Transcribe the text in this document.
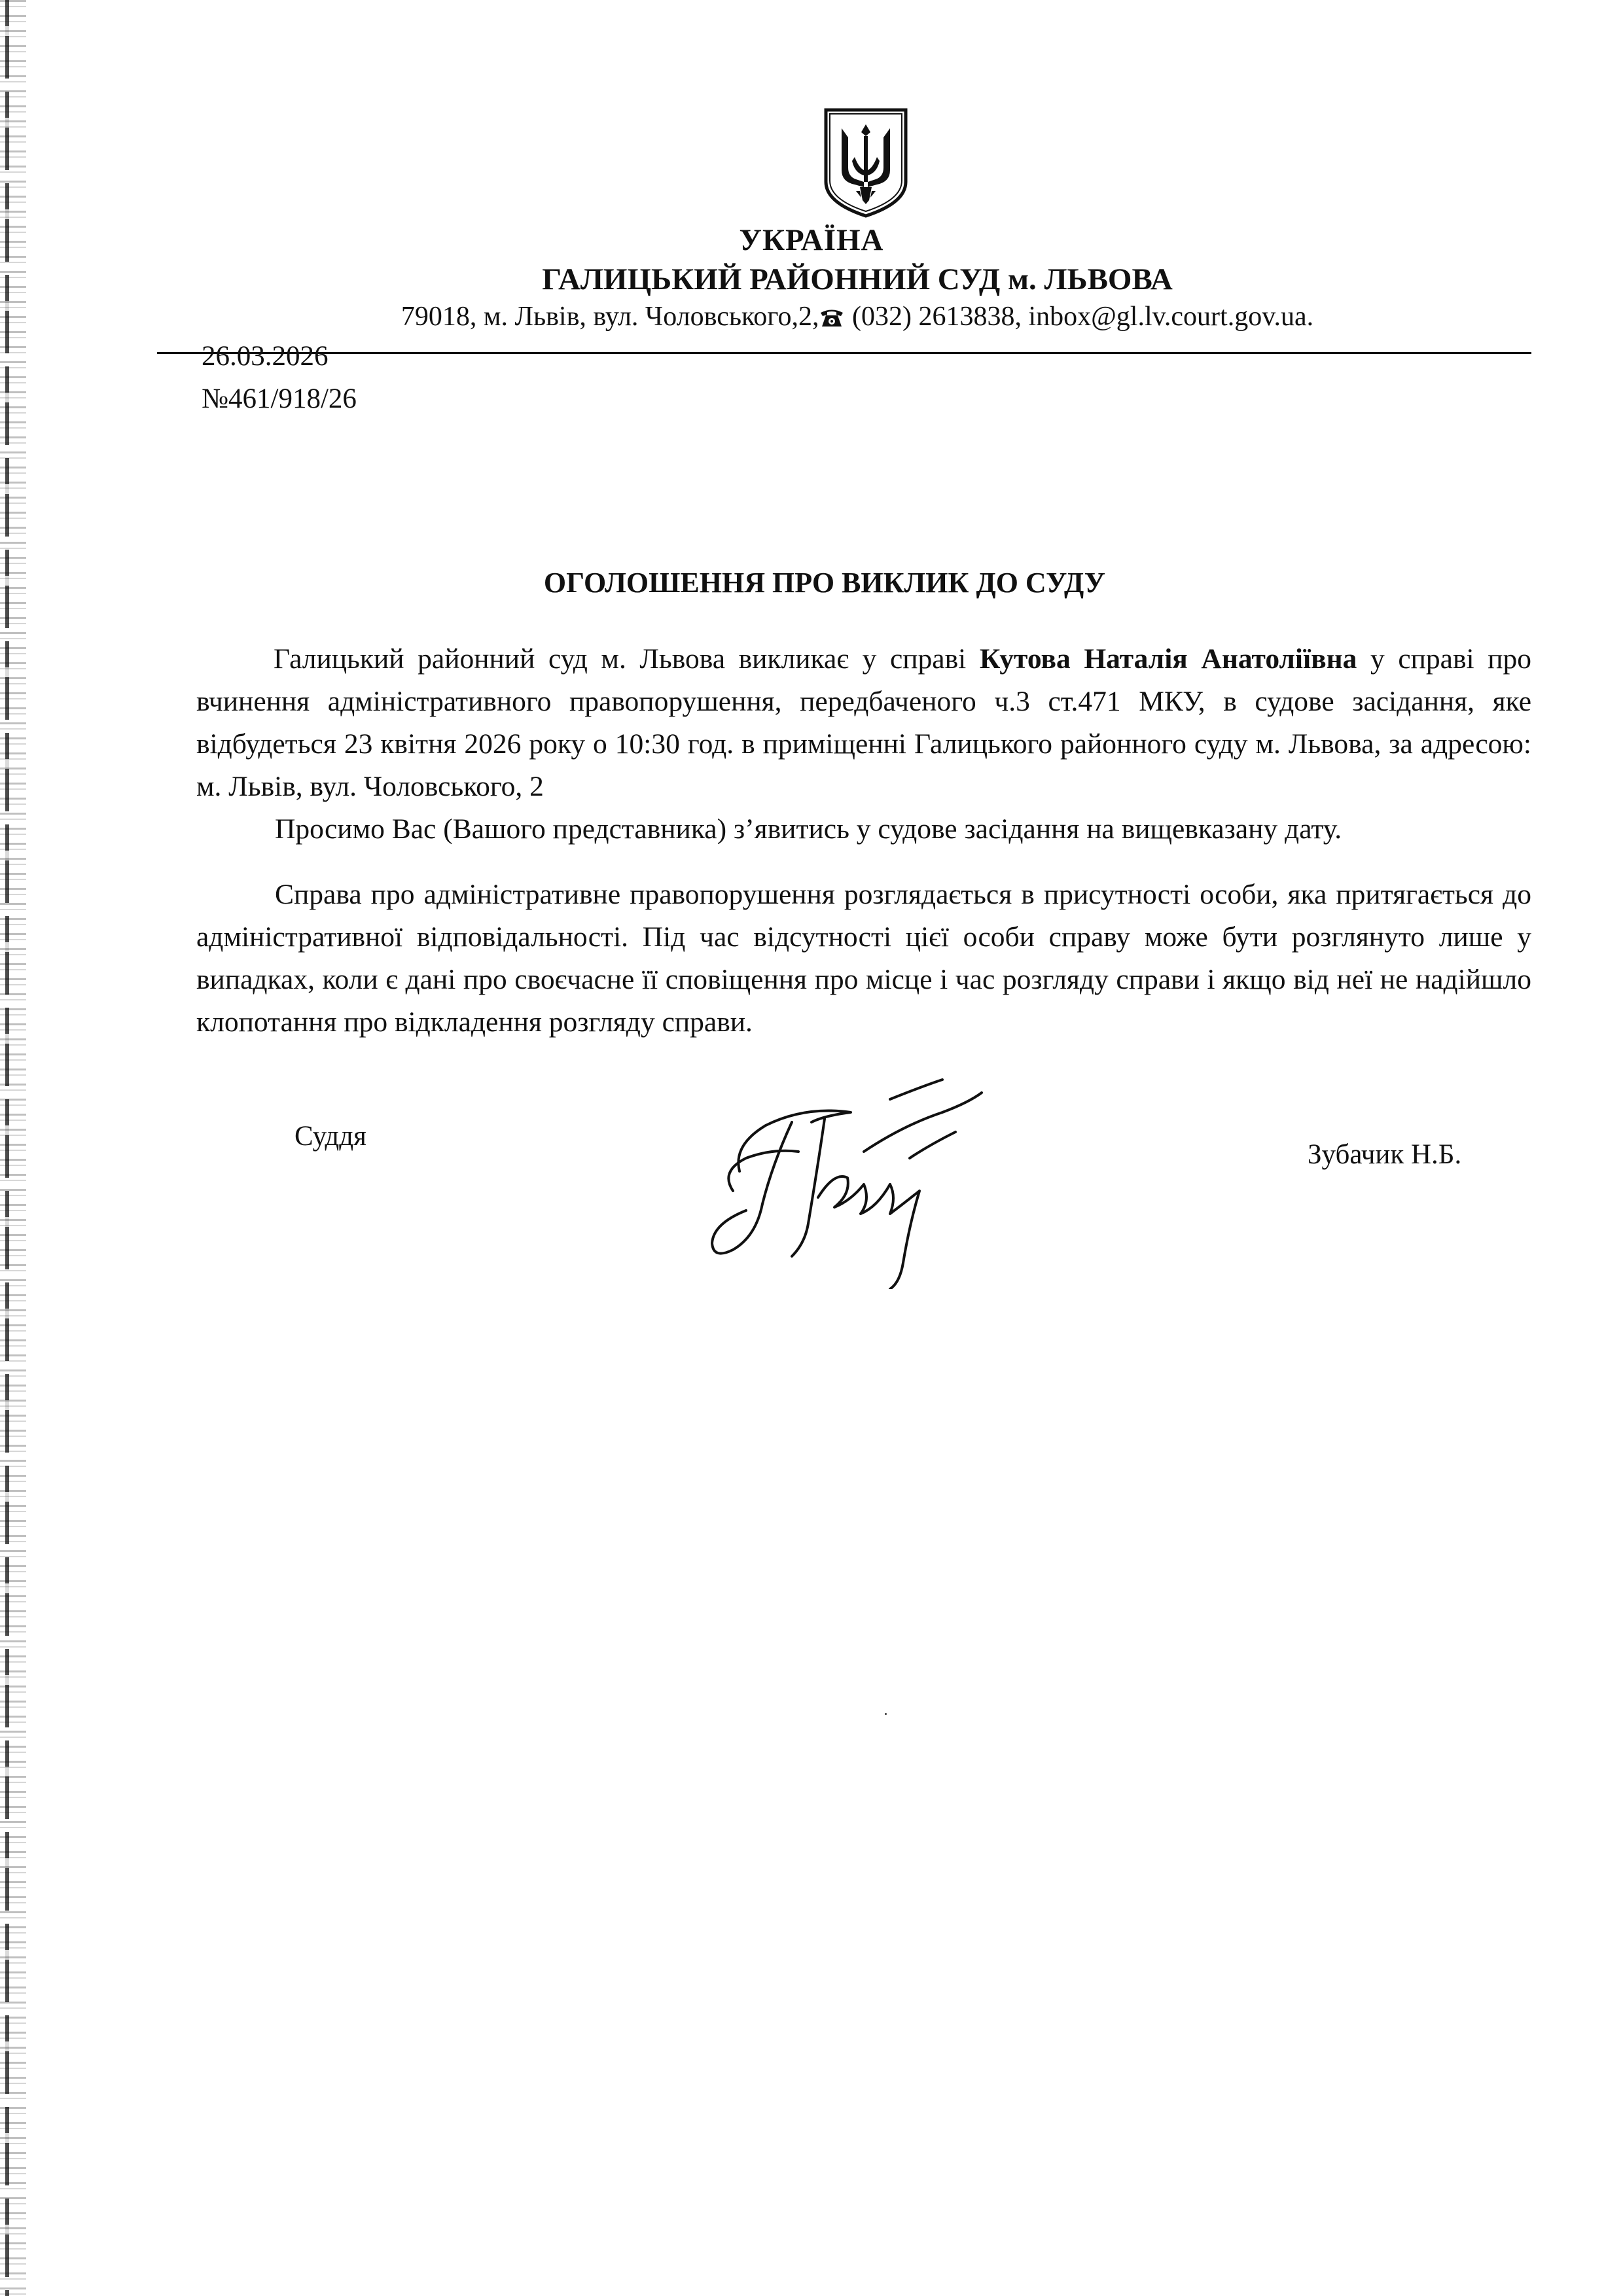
УКРАЇНА
ГАЛИЦЬКИЙ РАЙОННИЙ СУД м. ЛЬВОВА
79018, м. Львів, вул. Чоловського,2, (032) 2613838, inbox@gl.lv.court.gov.ua.
26.03.2026
№461/918/26
ОГОЛОШЕННЯ ПРО ВИКЛИК ДО СУДУ

Галицький районний суд м. Львова викликає у справі Кутова Наталія Анатоліївна у справі про вчинення адміністративного правопорушення, передбаченого ч.3 ст.471 МКУ, в судове засідання, яке відбудеться 23 квітня 2026 року о 10:30 год. в приміщенні Галицького районного суду м. Львова, за адресою: м. Львів, вул. Чоловського, 2

Просимо Вас (Вашого представника) з’явитись у судове засідання на вищевказану дату.

Справа про адміністративне правопорушення розглядається в присутності особи, яка притягається до адміністративної відповідальності. Під час відсутності цієї особи справу може бути розглянуто лише у випадках, коли є дані про своєчасне її сповіщення про місце і час розгляду справи і якщо від неї не надійшло клопотання про відкладення розгляду справи.

Суддя
Зубачик Н.Б.
